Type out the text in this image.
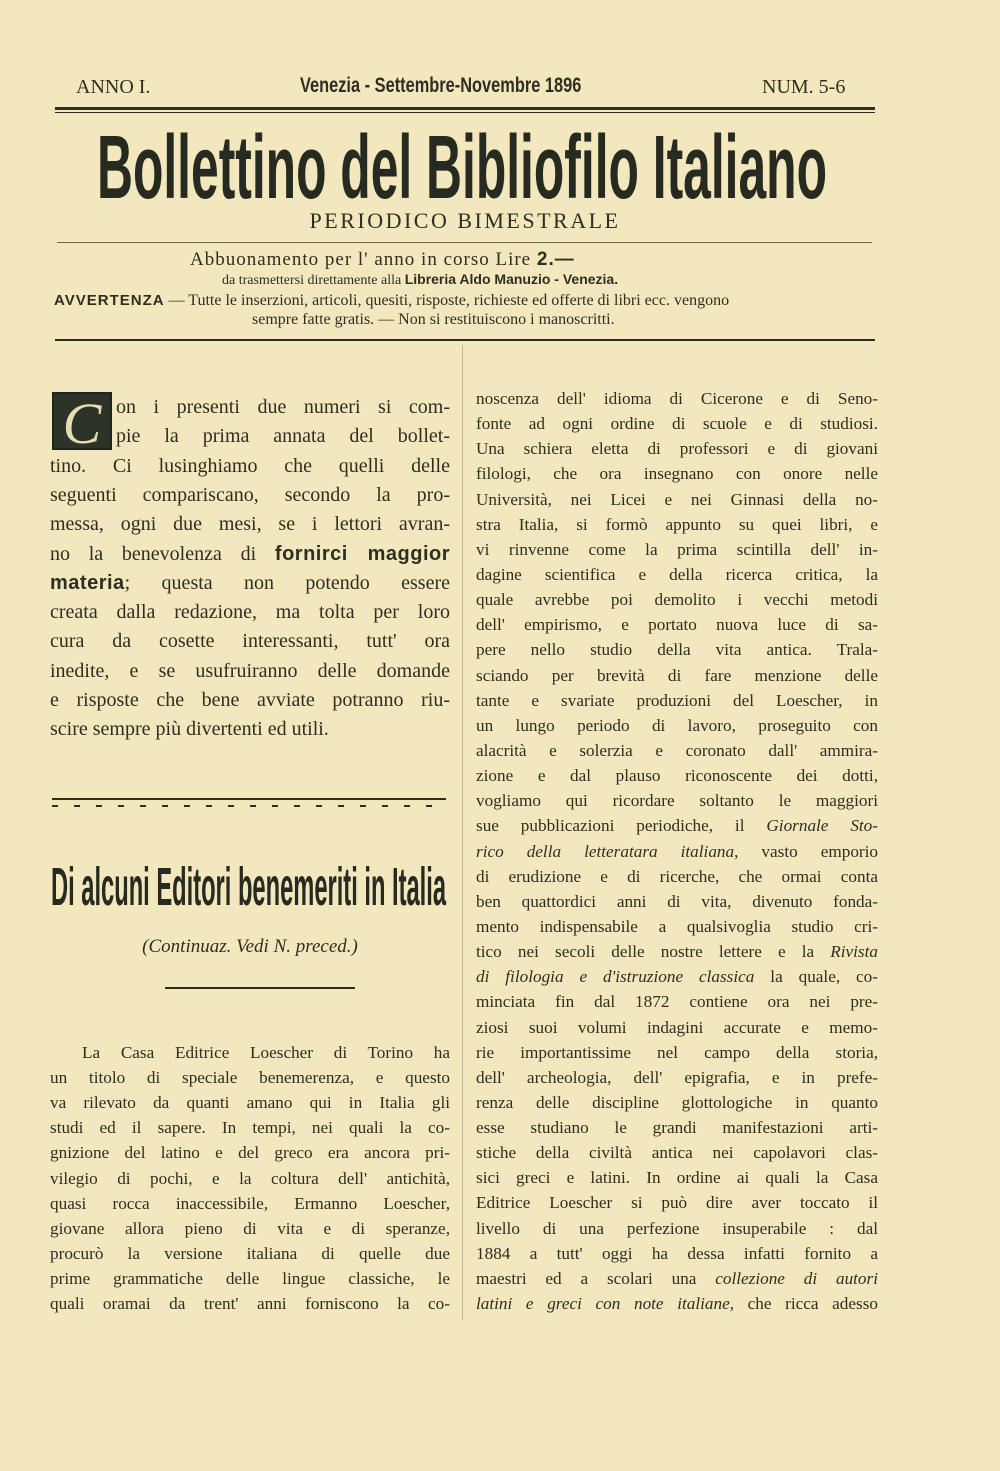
ANNO I.	Venezia - Settembre-Novembre 1896	NUM. 5-6
Bollettino del Bibliofilo Italiano
PERIODICO BIMESTRALE
Abbuonamento per l' anno in corso Lire 2.—
da trasmettersi direttamente alla Libreria Aldo Manuzio - Venezia.
AVVERTENZA — Tutte le inserzioni, articoli, quesiti, risposte, richieste ed offerte di libri ecc. vengono
sempre fatte gratis. — Non si restituiscono i manoscritti.
C on i presenti due numeri si com-
pie la prima annata del bollet-
tino. Ci lusinghiamo che quelli delle
seguenti compariscano, secondo la pro-
messa, ogni due mesi, se i lettori avran-
no la benevolenza di fornirci maggior
materia; questa non potendo essere
creata dalla redazione, ma tolta per loro
cura da cosette interessanti, tutt' ora
inedite, e se usufruiranno delle domande
e risposte che bene avviate potranno riu-
scire sempre più divertenti ed utili.
Di alcuni Editori benemeriti in Italia
(Continuaz. Vedi N. preced.)
La Casa Editrice Loescher di Torino ha
un titolo di speciale benemerenza, e questo
va rilevato da quanti amano qui in Italia gli
studi ed il sapere. In tempi, nei quali la co-
gnizione del latino e del greco era ancora pri-
vilegio di pochi, e la coltura dell' antichità,
quasi rocca inaccessibile, Ermanno Loescher,
giovane allora pieno di vita e di speranze,
procurò la versione italiana di quelle due
prime grammatiche delle lingue classiche, le
quali oramai da trent' anni forniscono la co-
noscenza dell' idioma di Cicerone e di Seno-
fonte ad ogni ordine di scuole e di studiosi.
Una schiera eletta di professori e di giovani
filologi, che ora insegnano con onore nelle
Università, nei Licei e nei Ginnasi della no-
stra Italia, si formò appunto su quei libri, e
vi rinvenne come la prima scintilla dell' in-
dagine scientifica e della ricerca critica, la
quale avrebbe poi demolito i vecchi metodi
dell' empirismo, e portato nuova luce di sa-
pere nello studio della vita antica. Trala-
sciando per brevità di fare menzione delle
tante e svariate produzioni del Loescher, in
un lungo periodo di lavoro, proseguito con
alacrità e solerzia e coronato dall' ammira-
zione e dal plauso riconoscente dei dotti,
vogliamo qui ricordare soltanto le maggiori
sue pubblicazioni periodiche, il Giornale Sto-
rico della letteratara italiana, vasto emporio
di erudizione e di ricerche, che ormai conta
ben quattordici anni di vita, divenuto fonda-
mento indispensabile a qualsivoglia studio cri-
tico nei secoli delle nostre lettere e la Rivista
di filologia e d'istruzione classica la quale, co-
minciata fin dal 1872 contiene ora nei pre-
ziosi suoi volumi indagini accurate e memo-
rie importantissime nel campo della storia,
dell' archeologia, dell' epigrafia, e in prefe-
renza delle discipline glottologiche in quanto
esse studiano le grandi manifestazioni arti-
stiche della civiltà antica nei capolavori clas-
sici greci e latini. In ordine ai quali la Casa
Editrice Loescher si può dire aver toccato il
livello di una perfezione insuperabile : dal
1884 a tutt' oggi ha dessa infatti fornito a
maestri ed a scolari una collezione di autori
latini e greci con note italiane, che ricca adesso
